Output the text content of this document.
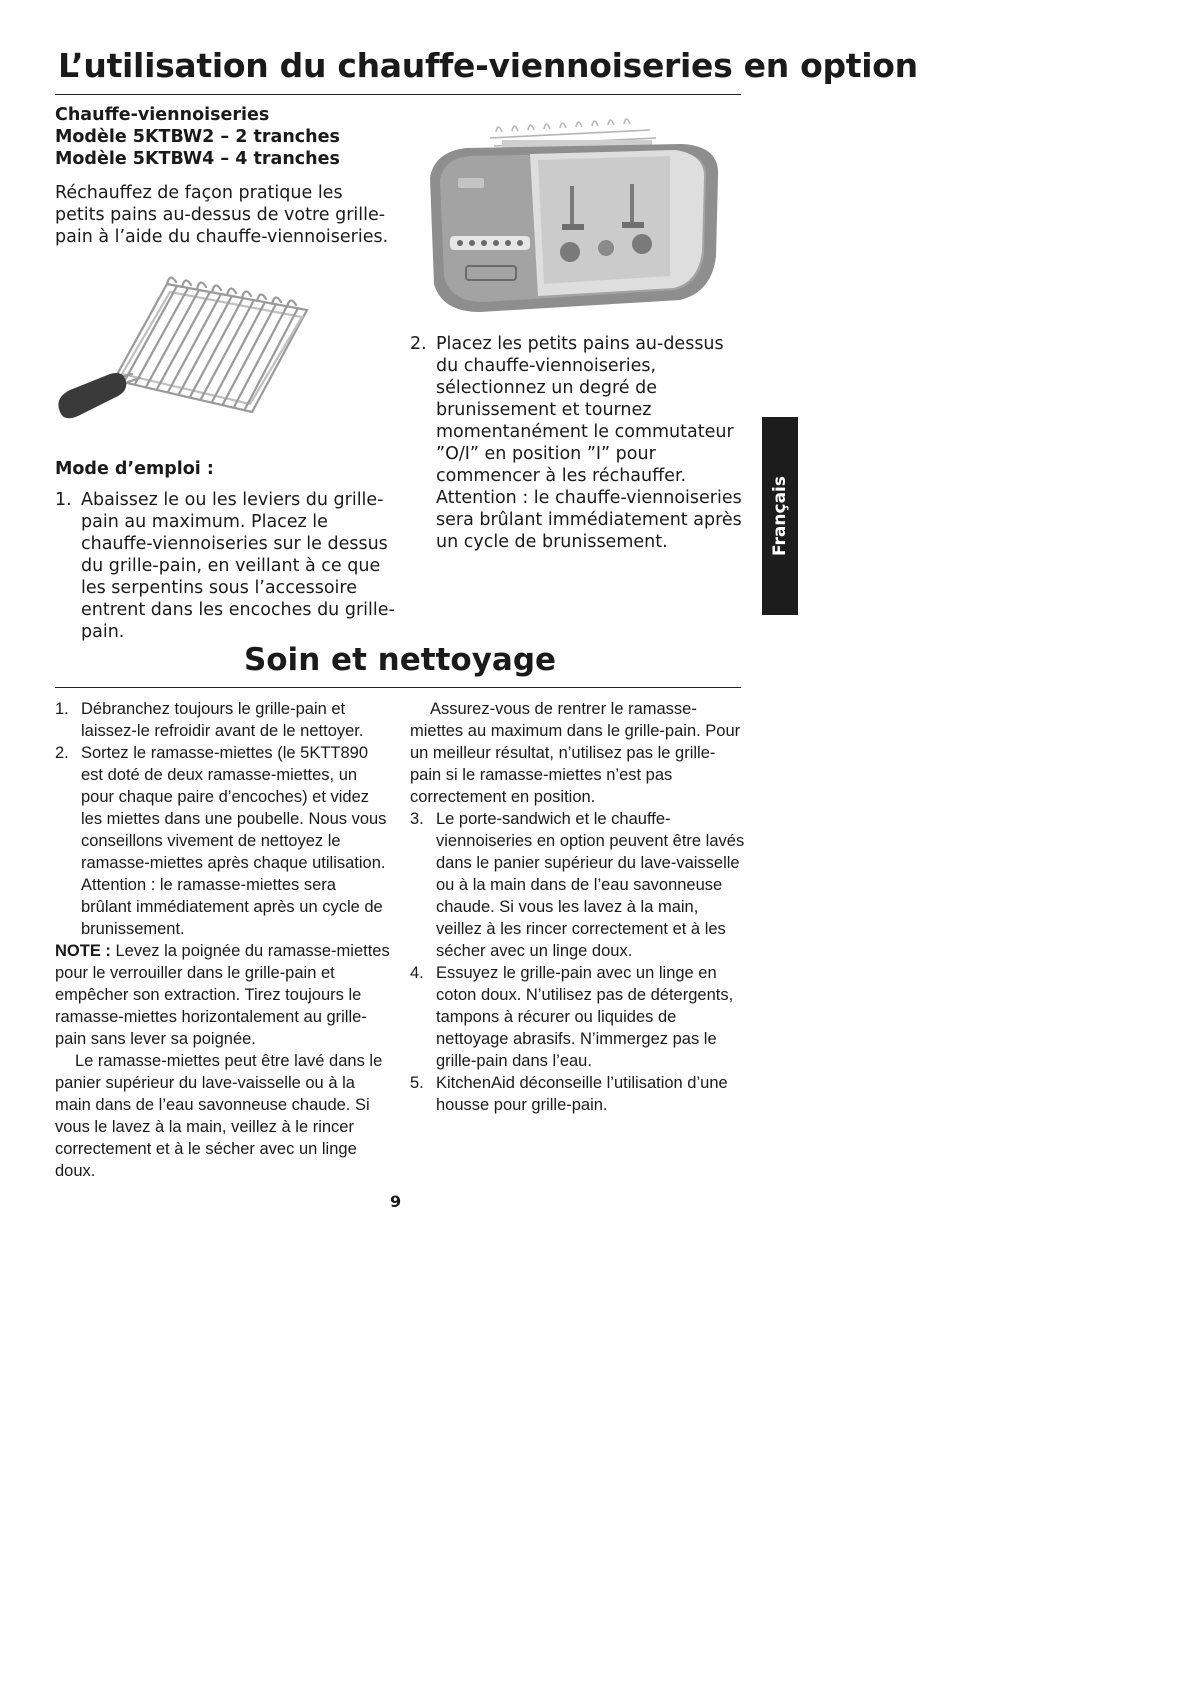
L’utilisation du chauffe-viennoiseries en option
Chauffe-viennoiseries
Modèle 5KTBW2 – 2 tranches
Modèle 5KTBW4 – 4 tranches
Réchauffez de façon pratique les petits pains au-dessus de votre grille-pain à l’aide du chauffe-viennoiseries.
Mode d’emploi :
1. Abaissez le ou les leviers du grille-pain au maximum. Placez le chauffe-viennoiseries sur le dessus du grille-pain, en veillant à ce que les serpentins sous l’accessoire entrent dans les encoches du grille-pain.
2. Placez les petits pains au-dessus du chauffe-viennoiseries, sélectionnez un degré de brunissement et tournez momentanément le commutateur ”O/I” en position ”I” pour commencer à les réchauffer. Attention : le chauffe-viennoiseries sera brûlant immédiatement après un cycle de brunissement.	Français
Soin et nettoyage
1. Débranchez toujours le grille-pain et laissez-le refroidir avant de le nettoyer.
2. Sortez le ramasse-miettes (le 5KTT890 est doté de deux ramasse-miettes, un pour chaque paire d’encoches) et videz les miettes dans une poubelle. Nous vous conseillons vivement de nettoyez le ramasse-miettes après chaque utilisation. Attention : le ramasse-miettes sera brûlant immédiatement après un cycle de brunissement.

NOTE : Levez la poignée du ramasse-miettes pour le verrouiller dans le grille-pain et empêcher son extraction. Tirez toujours le ramasse-miettes horizontalement au grille-pain sans lever sa poignée.

Le ramasse-miettes peut être lavé dans le panier supérieur du lave-vaisselle ou à la main dans de l’eau savonneuse chaude. Si vous le lavez à la main, veillez à le rincer correctement et à le sécher avec un linge doux.

Assurez-vous de rentrer le ramasse-miettes au maximum dans le grille-pain. Pour un meilleur résultat, n’utilisez pas le grille-pain si le ramasse-miettes n’est pas correctement en position.

3. Le porte-sandwich et le chauffe-viennoiseries en option peuvent être lavés dans le panier supérieur du lave-vaisselle ou à la main dans de l’eau savonneuse chaude. Si vous les lavez à la main, veillez à les rincer correctement et à les sécher avec un linge doux.
4. Essuyez le grille-pain avec un linge en coton doux. N’utilisez pas de détergents, tampons à récurer ou liquides de nettoyage abrasifs. N’immergez pas le grille-pain dans l’eau.
5. KitchenAid déconseille l’utilisation d’une housse pour grille-pain.
9
